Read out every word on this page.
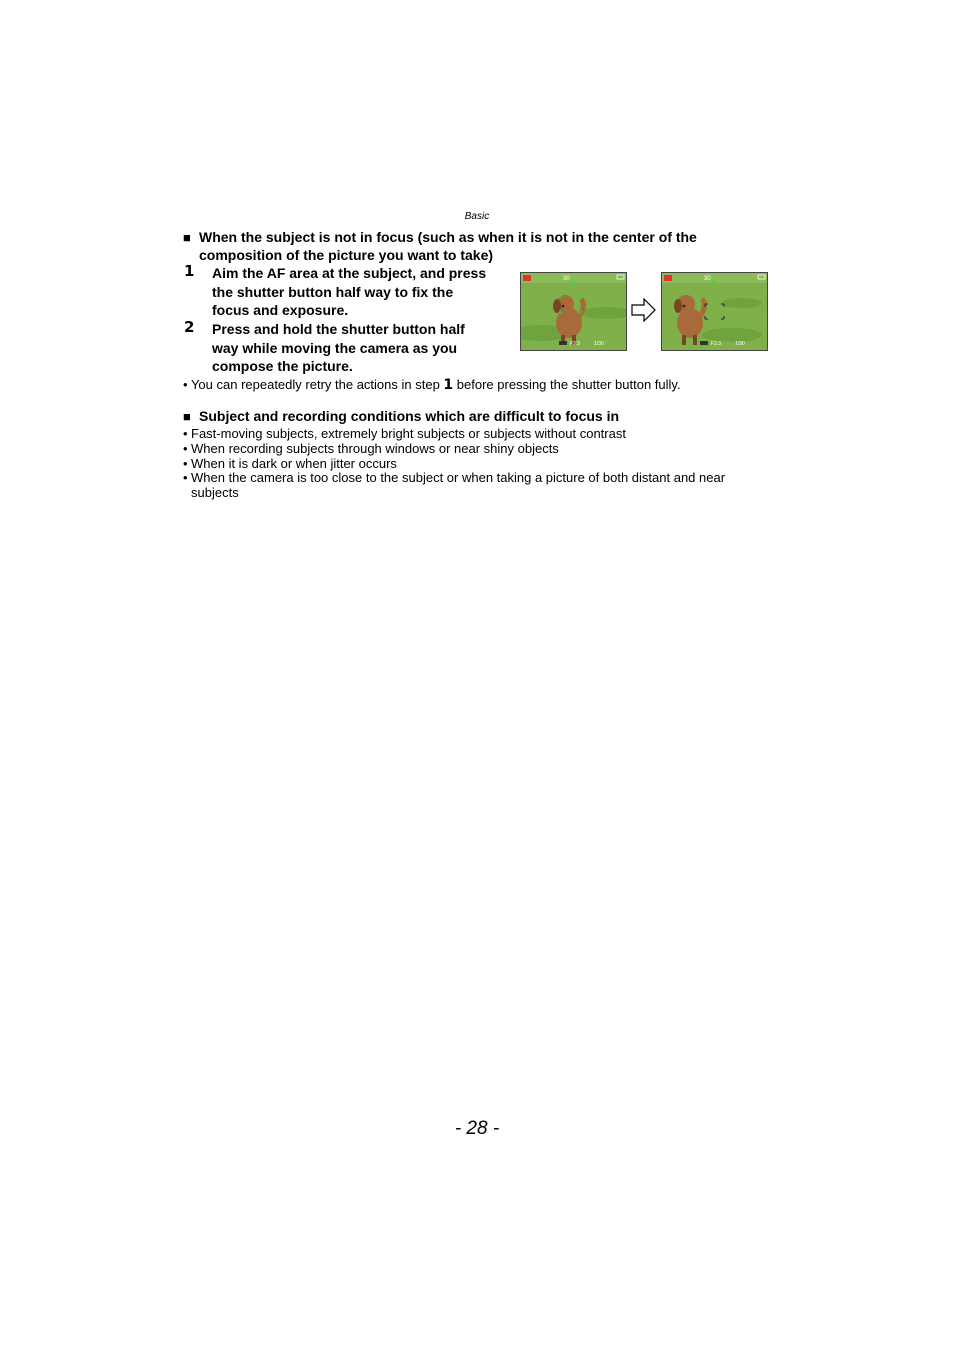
Basic
■ When the subject is not in focus (such as when it is not in the center of the
composition of the picture you want to take)
1 Aim the AF area at the subject, and press
the shutter button half way to fix the
focus and exposure.
2 Press and hold the shutter button half
way while moving the camera as you
compose the picture.
30
F3.3	1/30
30
F3.3	1/30
• You can repeatedly retry the actions in step 1 before pressing the shutter button fully.
■ Subject and recording conditions which are difficult to focus in
• Fast-moving subjects, extremely bright subjects or subjects without contrast
• When recording subjects through windows or near shiny objects
• When it is dark or when jitter occurs
• When the camera is too close to the subject or when taking a picture of both distant and near
subjects
- 28 -
